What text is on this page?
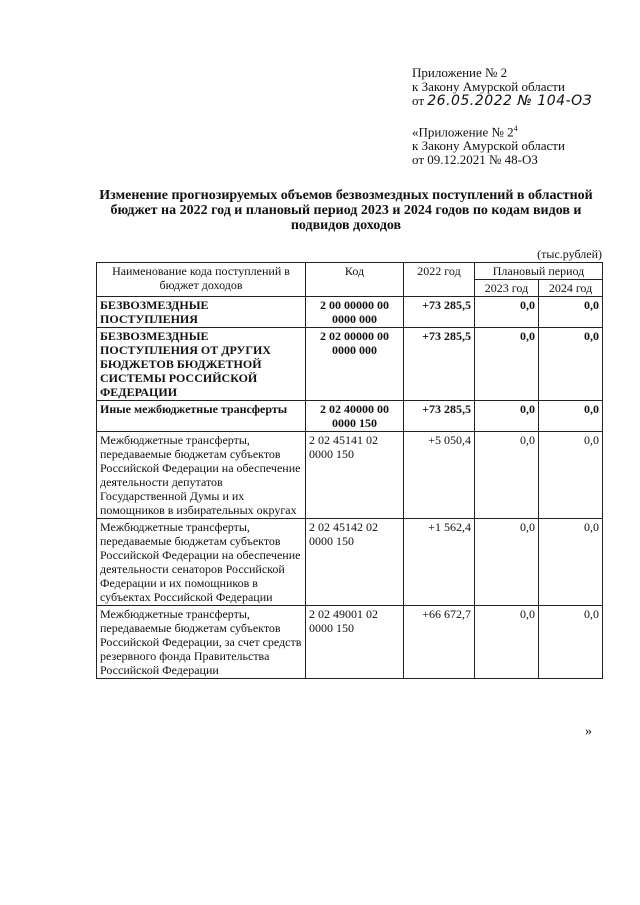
Приложение № 2
к Закону Амурской области
от 26.05.2022 № 104-ОЗ
«Приложение № $2^4$
к Закону Амурской области
от 09.12.2021 № 48-ОЗ
Изменение прогнозируемых объемов безвозмездных поступлений в областной бюджет на 2022 год и плановый период 2023 и 2024 годов по кодам видов и подвидов доходов
(тыс.рублей)
Наименование кода поступлений в бюджет доходов	Код	2022 год	Плановый период	
			2023 год	2024 год
БЕЗВОЗМЕЗДНЫЕ ПОСТУПЛЕНИЯ	2 00 00000 00 0000 000	+73 285,5	0,0	0,0
БЕЗВОЗМЕЗДНЫЕ ПОСТУПЛЕНИЯ ОТ ДРУГИХ БЮДЖЕТОВ БЮДЖЕТНОЙ СИСТЕМЫ РОССИЙСКОЙ ФЕДЕРАЦИИ	2 02 00000 00 0000 000	+73 285,5	0,0	0,0
Иные межбюджетные трансферты	2 02 40000 00 0000 150	+73 285,5	0,0	0,0
Межбюджетные трансферты, передаваемые бюджетам субъектов Российской Федерации на обеспечение деятельности депутатов Государственной Думы и их помощников в избирательных округах	2 02 45141 02 0000 150	+5 050,4	0,0	0,0
Межбюджетные трансферты, передаваемые бюджетам субъектов Российской Федерации на обеспечение деятельности сенаторов Российской Федерации и их помощников в субъектах Российской Федерации	2 02 45142 02 0000 150	+1 562,4	0,0	0,0
Межбюджетные трансферты, передаваемые бюджетам субъектов Российской Федерации, за счет средств резервного фонда Правительства Российской Федерации	2 02 49001 02 0000 150	+66 672,7	0,0	0,0
»
